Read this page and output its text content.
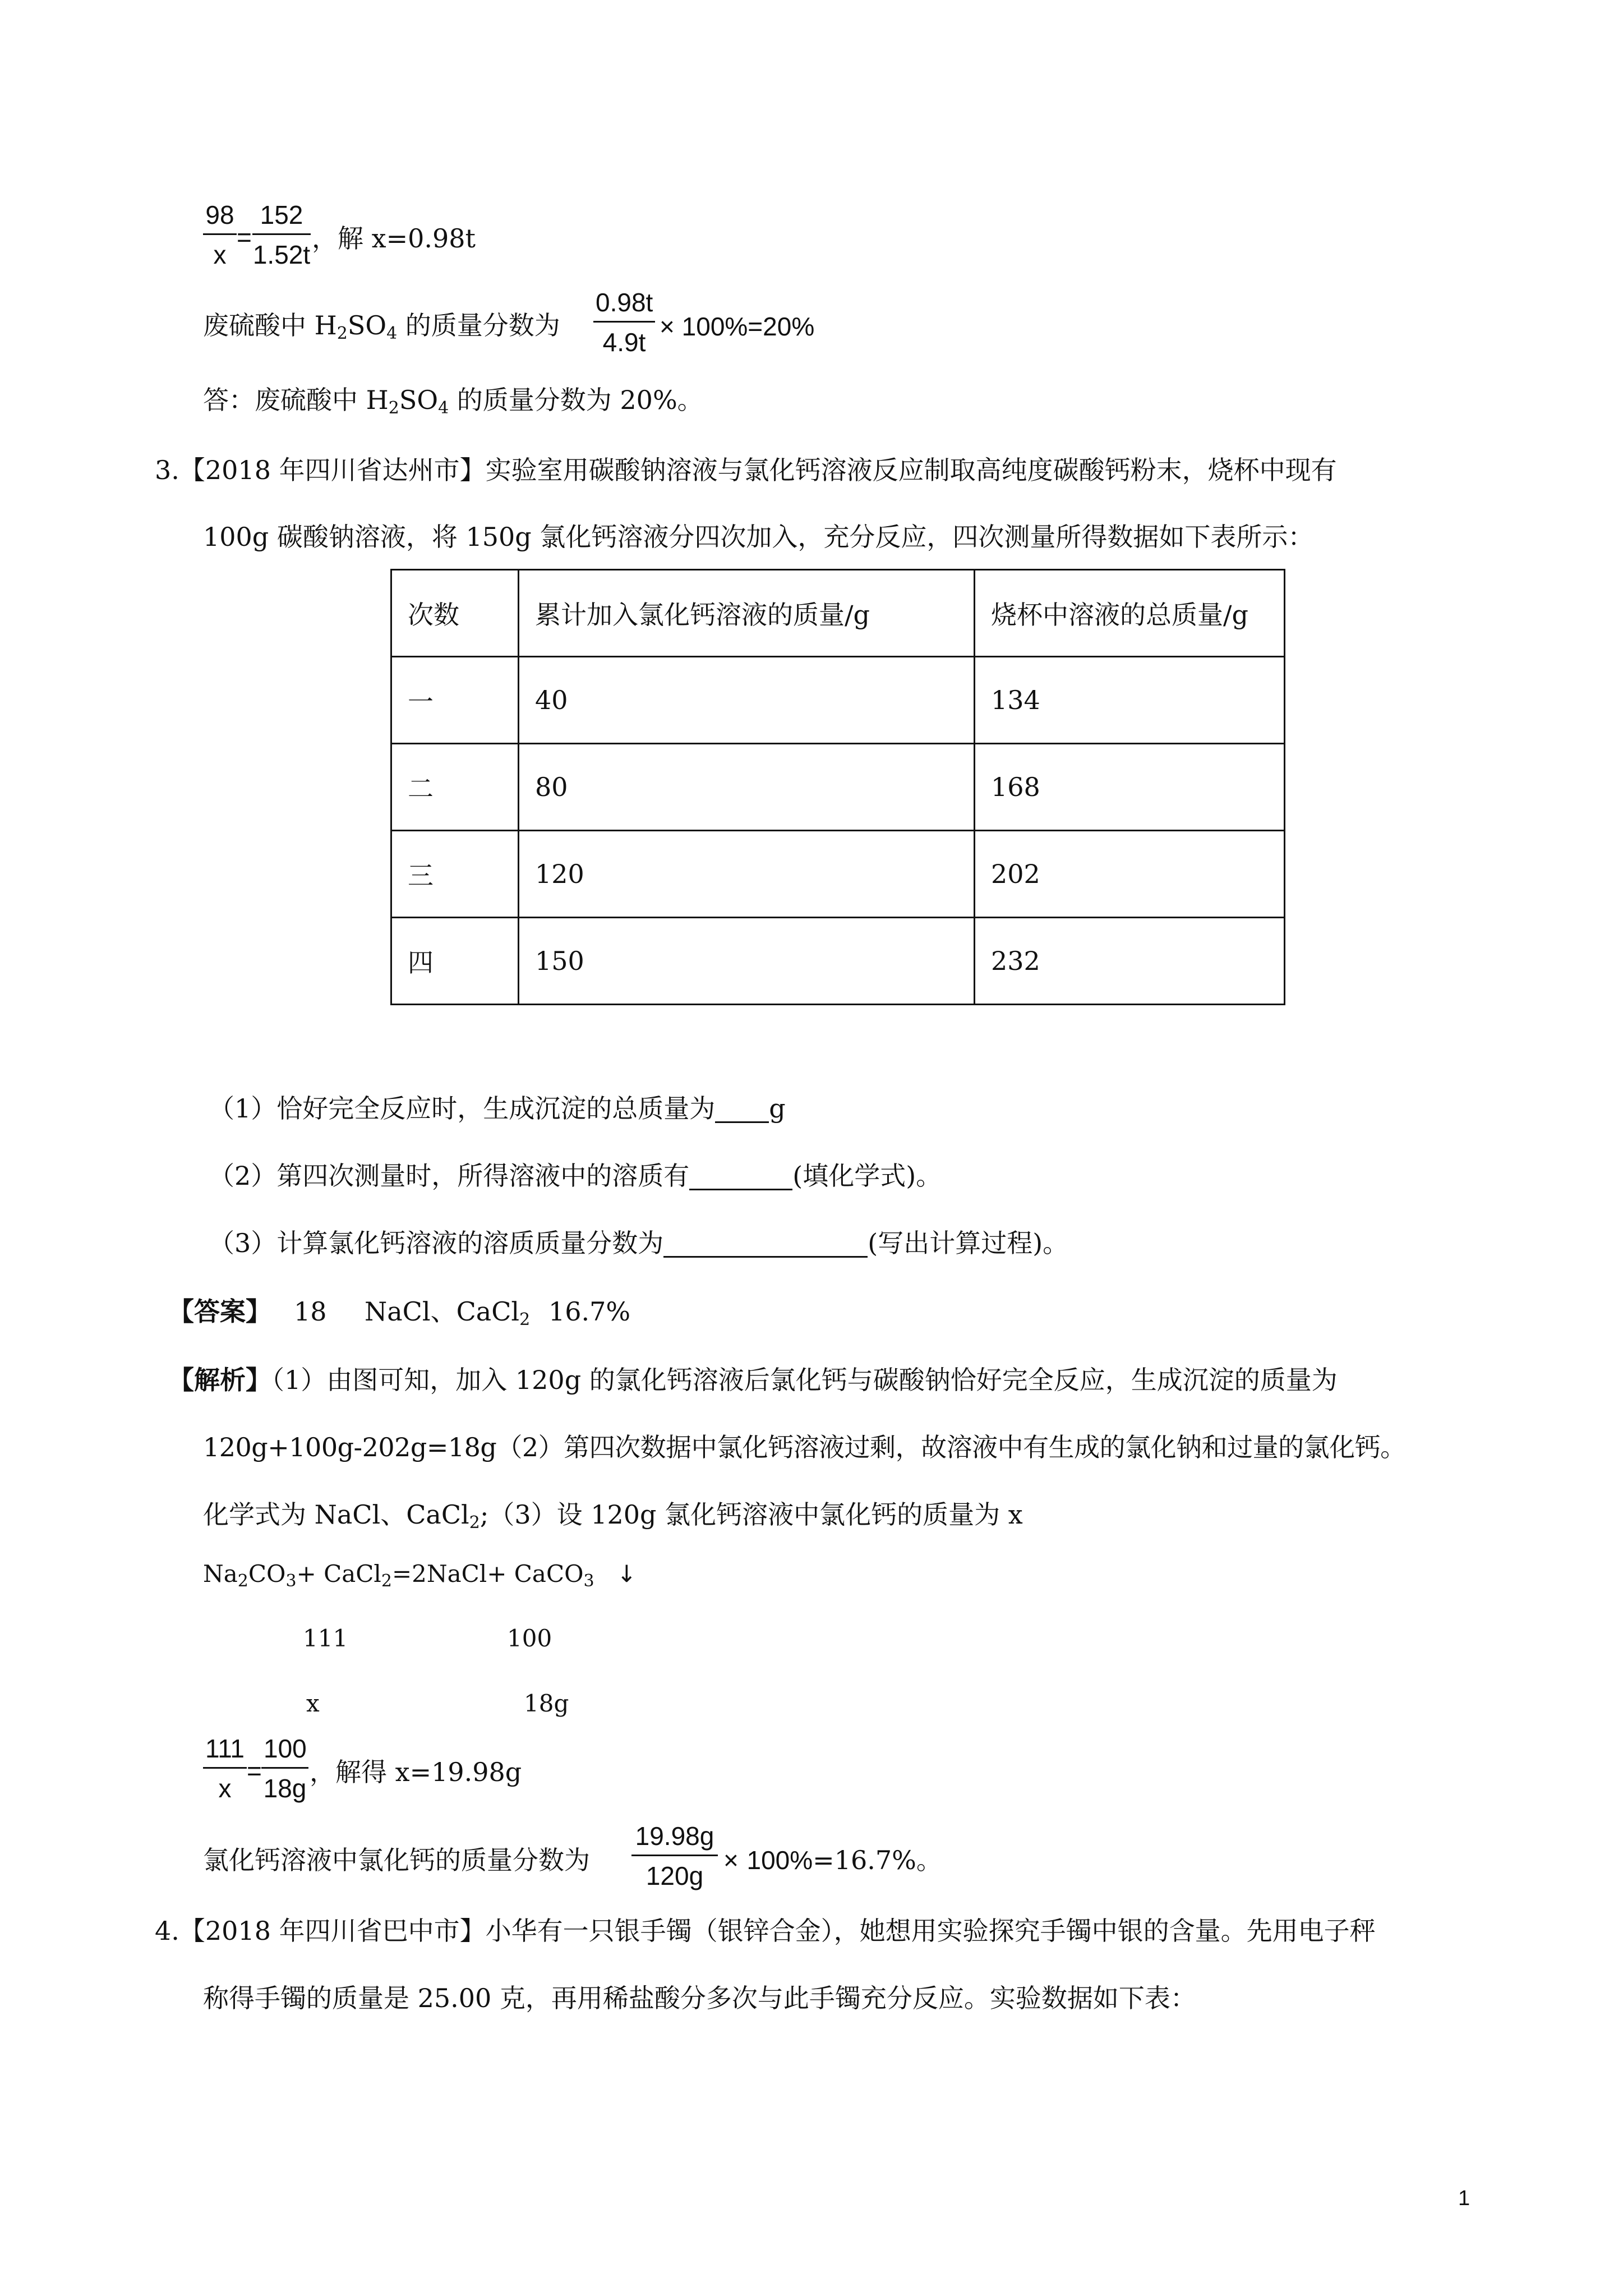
$\frac{98}{x} = \frac{152}{1.52t}$ ，解 x=0.98t
废硫酸中 $H_2SO_4$ 的质量分数为 $\frac{0.98t}{4.9t} \times 100\%=20\%$
答：废硫酸中 $H_2SO_4$ 的质量分数为 20%。
3.【2018 年四川省达州市】实验室用碳酸钠溶液与氯化钙溶液反应制取高纯度碳酸钙粉末，烧杯中现有
100g 碳酸钠溶液，将 150g 氯化钙溶液分四次加入，充分反应，四次测量所得数据如下表所示：
次数	累计加入氯化钙溶液的质量/g	烧杯中溶液的总质量/g
一	40	134
二	80	168
三	120	202
四	150	232
（1）恰好完全反应时，生成沉淀的总质量为 g
（2）第四次测量时，所得溶液中的溶质有	(填化学式)。
（3）计算氯化钙溶液的溶质质量分数为	(写出计算过程)。
【答案】 18 NaCl、CaCl$_2$ 16.7%
【解析】（1）由图可知，加入 120g 的氯化钙溶液后氯化钙与碳酸钠恰好完全反应，生成沉淀的质量为
120g+100g-202g=18g（2）第四次数据中氯化钙溶液过剩，故溶液中有生成的氯化钠和过量的氯化钙。
化学式为 NaCl、CaCl$_2$;（3）设 120g 氯化钙溶液中氯化钙的质量为 x
$Na_2CO_3+$ CaCl$_2$=2NaCl+ CaCO$_3$ ↓
111	100
x	18g
$\frac{111}{x} = \frac{100}{18g}$ ，解得 x=19.98g
氯化钙溶液中氯化钙的质量分数为 $\frac{19.98g}{120g} \times 100\%=16.7\%$。
4.【2018 年四川省巴中市】小华有一只银手镯（银锌合金），她想用实验探究手镯中银的含量。先用电子秤
称得手镯的质量是 25.00 克，再用稀盐酸分多次与此手镯充分反应。实验数据如下表：
1
